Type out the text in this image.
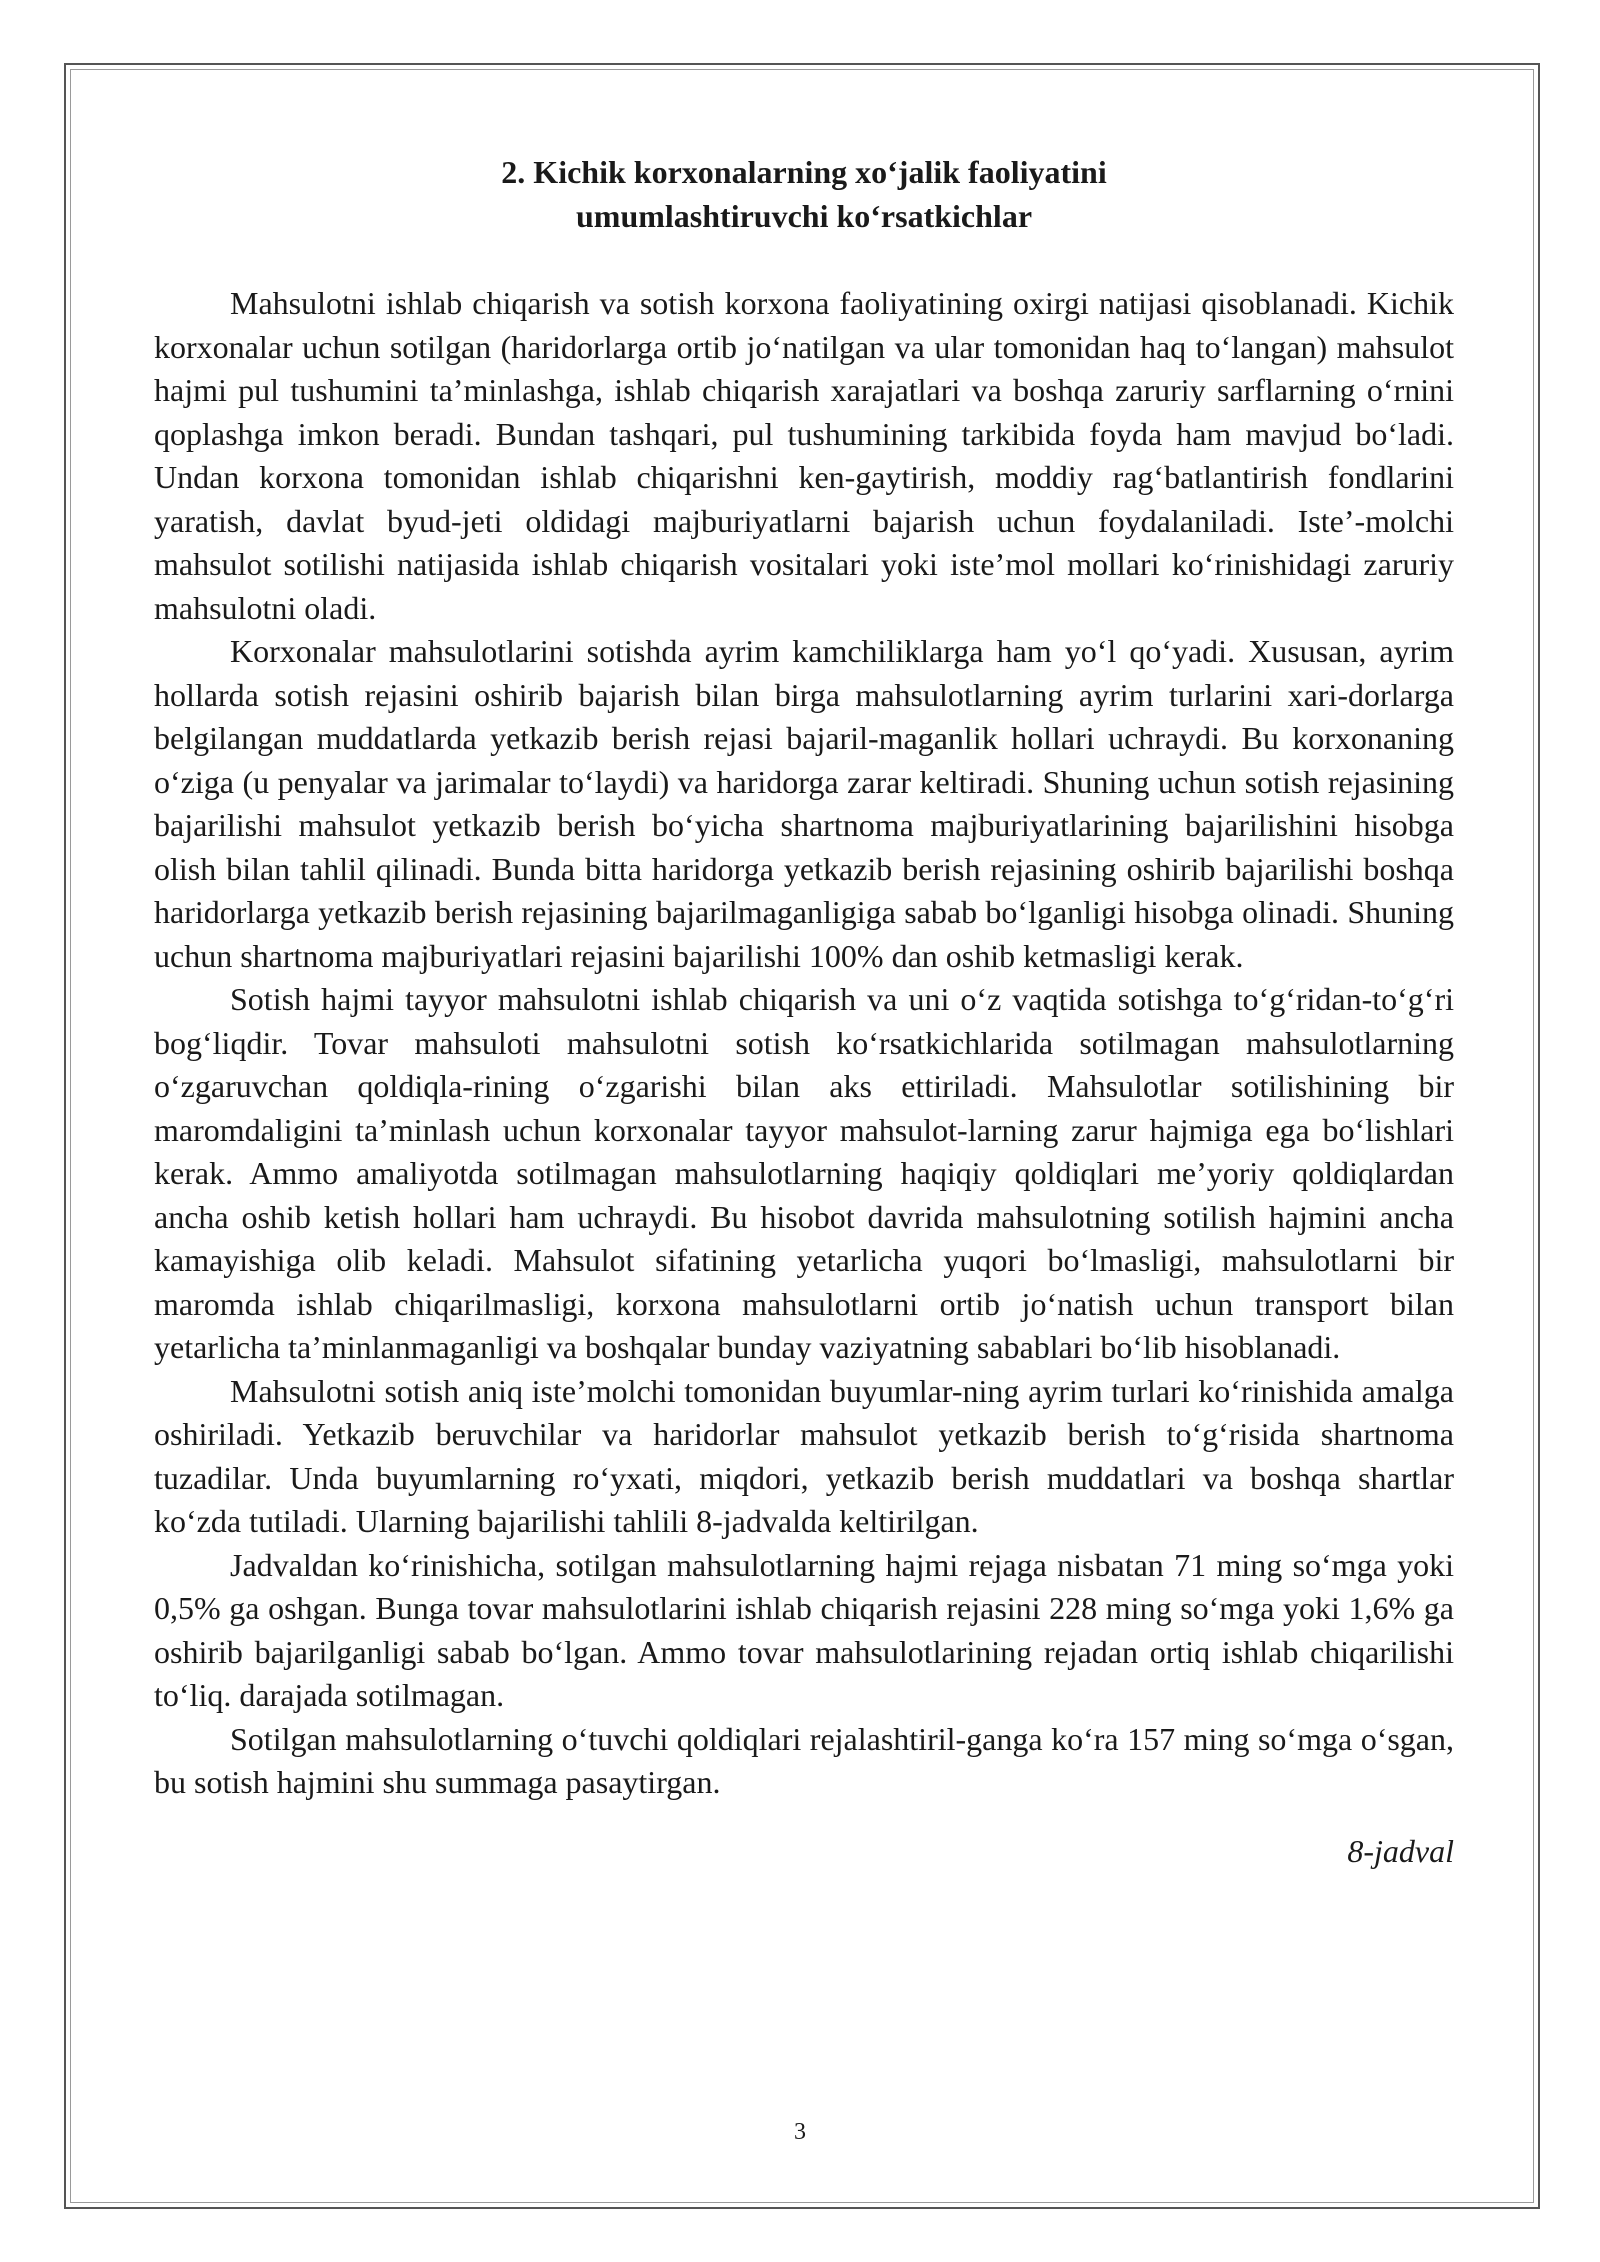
2. Kichik korxonalarning xo‘jalik faoliyatini
umumlashtiruvchi ko‘rsatkichlar

Mahsulotni ishlab chiqarish va sotish korxona faoliyatining oxirgi natijasi qisoblanadi. Kichik korxonalar uchun sotilgan (haridorlarga ortib jo‘natilgan va ular tomonidan haq to‘langan) mahsulot hajmi pul tushumini ta’minlashga, ishlab chiqarish xarajatlari va boshqa zaruriy sarflarning o‘rnini qoplashga imkon beradi. Bundan tashqari, pul tushumining tarkibida foyda ham mavjud bo‘ladi. Undan korxona tomonidan ishlab chiqarishni ken-gaytirish, moddiy rag‘batlantirish fondlarini yaratish, davlat byud-jeti oldidagi majburiyatlarni bajarish uchun foydalaniladi. Iste’-molchi mahsulot sotilishi natijasida ishlab chiqarish vositalari yoki iste’mol mollari ko‘rinishidagi zaruriy mahsulotni oladi.

Korxonalar mahsulotlarini sotishda ayrim kamchiliklarga ham yo‘l qo‘yadi. Xususan, ayrim hollarda sotish rejasini oshirib bajarish bilan birga mahsulotlarning ayrim turlarini xari-dorlarga belgilangan muddatlarda yetkazib berish rejasi bajaril-maganlik hollari uchraydi. Bu korxonaning o‘ziga (u penyalar va jarimalar to‘laydi) va haridorga zarar keltiradi. Shuning uchun sotish rejasining bajarilishi mahsulot yetkazib berish bo‘yicha shartnoma majburiyatlarining bajarilishini hisobga olish bilan tahlil qilinadi. Bunda bitta haridorga yetkazib berish rejasining oshirib bajarilishi boshqa haridorlarga yetkazib berish rejasining bajarilmaganligiga sabab bo‘lganligi hisobga olinadi. Shuning uchun shartnoma majburiyatlari rejasini bajarilishi 100% dan oshib ketmasligi kerak.

Sotish hajmi tayyor mahsulotni ishlab chiqarish va uni o‘z vaqtida sotishga to‘g‘ridan-to‘g‘ri bog‘liqdir. Tovar mahsuloti mahsulotni sotish ko‘rsatkichlarida sotilmagan mahsulotlarning o‘zgaruvchan qoldiqla-rining o‘zgarishi bilan aks ettiriladi. Mahsulotlar sotilishining bir maromdaligini ta’minlash uchun korxonalar tayyor mahsulot-larning zarur hajmiga ega bo‘lishlari kerak. Ammo amaliyotda sotilmagan mahsulotlarning haqiqiy qoldiqlari me’yoriy qoldiqlardan ancha oshib ketish hollari ham uchraydi. Bu hisobot davrida mahsulotning sotilish hajmini ancha kamayishiga olib keladi. Mahsulot sifatining yetarlicha yuqori bo‘lmasligi, mahsulotlarni bir maromda ishlab chiqarilmasligi, korxona mahsulotlarni ortib jo‘natish uchun transport bilan yetarlicha ta’minlanmaganligi va boshqalar bunday vaziyatning sabablari bo‘lib hisoblanadi.

Mahsulotni sotish aniq iste’molchi tomonidan buyumlar-ning ayrim turlari ko‘rinishida amalga oshiriladi. Yetkazib beruvchilar va haridorlar mahsulot yetkazib berish to‘g‘risida shartnoma tuzadilar. Unda buyumlarning ro‘yxati, miqdori, yetkazib berish muddatlari va boshqa shartlar ko‘zda tutiladi. Ularning bajarilishi tahlili 8-jadvalda keltirilgan.

Jadvaldan ko‘rinishicha, sotilgan mahsulotlarning hajmi rejaga nisbatan 71 ming so‘mga yoki 0,5% ga oshgan. Bunga tovar mahsulotlarini ishlab chiqarish rejasini 228 ming so‘mga yoki 1,6% ga oshirib bajarilganligi sabab bo‘lgan. Ammo tovar mahsulotlarining rejadan ortiq ishlab chiqarilishi to‘liq. darajada sotilmagan.

Sotilgan mahsulotlarning o‘tuvchi qoldiqlari rejalashtiril-ganga ko‘ra 157 ming so‘mga o‘sgan, bu sotish hajmini shu summaga pasaytirgan.

8-jadval
3
